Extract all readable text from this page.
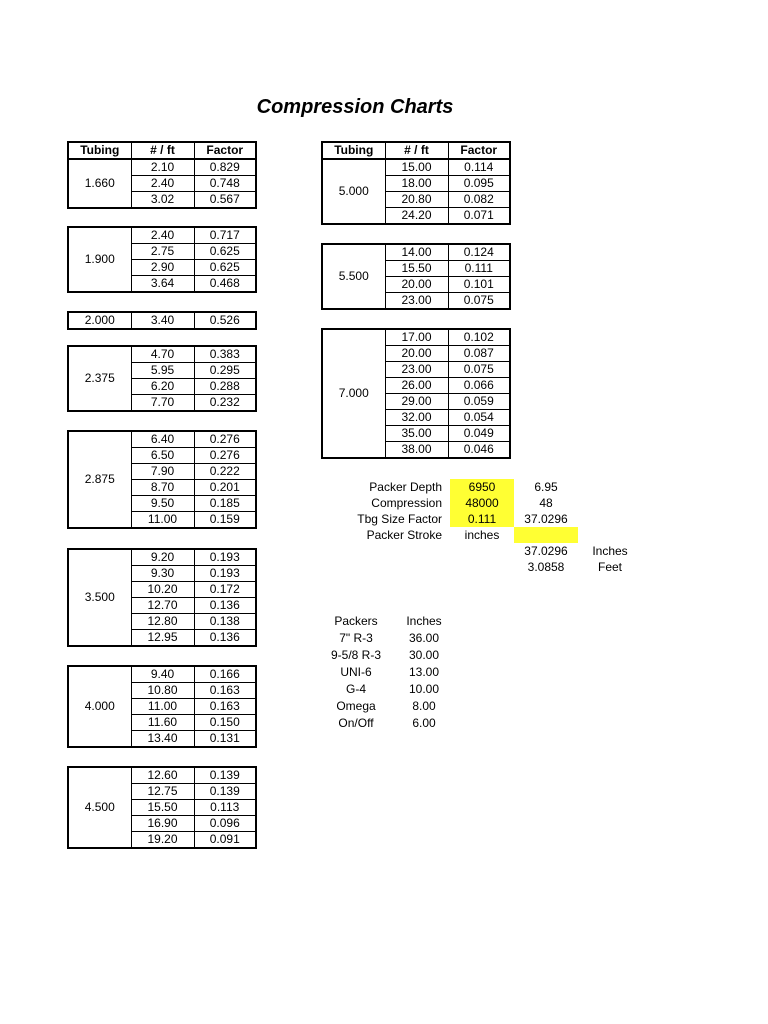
Compression Charts
Tubing	# / ft	Factor
1.660	2.10	0.829
	2.40	0.748
	3.02	0.567
1.900	2.40	0.717
	2.75	0.625
	2.90	0.625
	3.64	0.468
2.000	3.40	0.526
2.375	4.70	0.383
	5.95	0.295
	6.20	0.288
	7.70	0.232
2.875	6.40	0.276
	6.50	0.276
	7.90	0.222
	8.70	0.201
	9.50	0.185
	11.00	0.159
3.500	9.20	0.193
	9.30	0.193
	10.20	0.172
	12.70	0.136
	12.80	0.138
	12.95	0.136
4.000	9.40	0.166
	10.80	0.163
	11.00	0.163
	11.60	0.150
	13.40	0.131
4.500	12.60	0.139
	12.75	0.139
	15.50	0.113
	16.90	0.096
	19.20	0.091
Tubing	# / ft	Factor
5.000	15.00	0.114
	18.00	0.095
	20.80	0.082
	24.20	0.071
5.500	14.00	0.124
	15.50	0.111
	20.00	0.101
	23.00	0.075
7.000	17.00	0.102
	20.00	0.087
	23.00	0.075
	26.00	0.066
	29.00	0.059
	32.00	0.054
	35.00	0.049
	38.00	0.046
Packer Depth	6950	6.95		
Compression	48000	48		
Tbg Size Factor	0.111	37.0296		
Packer Stroke	inches			
		37.0296	Inches	
		3.0858	Feet	
Packers	Inches
7" R-3	36.00
9-5/8 R-3	30.00
UNI-6	13.00
G-4	10.00
Omega	8.00
On/Off	6.00
